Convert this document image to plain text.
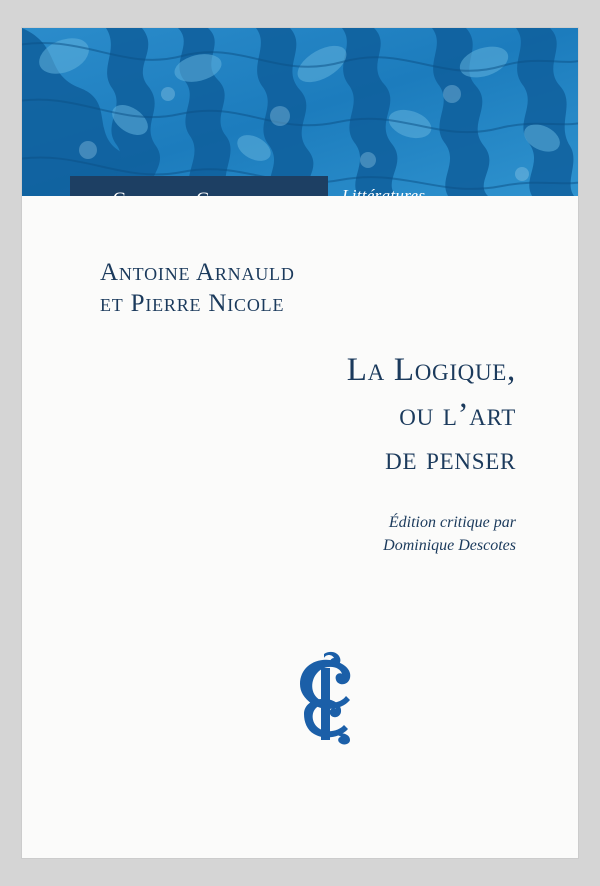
Antoine Arnauld
et Pierre Nicole
La Logique,
ou l’art
de penser
Édition critique par
Dominique Descotes
